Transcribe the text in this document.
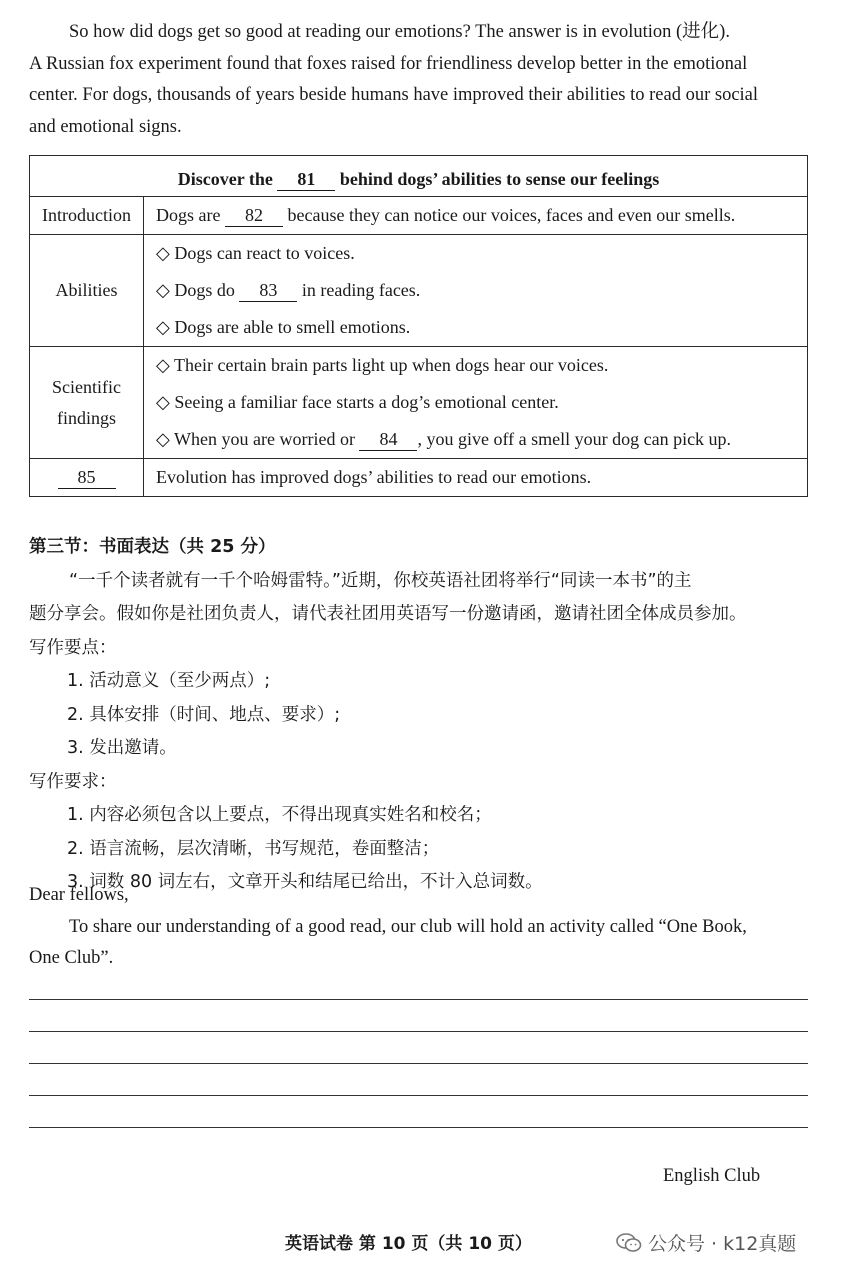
So how did dogs get so good at reading our emotions? The answer is in evolution (进化).

A Russian fox experiment found that foxes raised for friendliness develop better in the emotional

center. For dogs, thousands of years beside humans have improved their abilities to read our social

and emotional signs.

Discover the 81 behind dogs’ abilities to sense our feelings	
Introduction	Dogs are 82 because they can notice our voices, faces and even our smells.

Abilities	◇ Dogs can react to voices.
◇ Dogs do 83 in reading faces.
◇ Dogs are able to smell emotions.

Scientific
findings	◇ Their certain brain parts light up when dogs hear our voices.
◇ Seeing a familiar face starts a dog’s emotional center.
◇ When you are worried or 84 , you give off a smell your dog can pick up.

85	Evolution has improved dogs’ abilities to read our emotions.

第三节：书面表达（共 25 分）

“一千个读者就有一千个哈姆雷特。”近期，你校英语社团将举行“同读一本书”的主

题分享会。假如你是社团负责人，请代表社团用英语写一份邀请函，邀请社团全体成员参加。

写作要点：

1. 活动意义（至少两点）;

2. 具体安排（时间、地点、要求）;

3. 发出邀请。

写作要求：

1. 内容必须包含以上要点，不得出现真实姓名和校名；

2. 语言流畅，层次清晰，书写规范，卷面整洁；

3. 词数 80 词左右，文章开头和结尾已给出，不计入总词数。

Dear fellows,

To share our understanding of a good read, our club will hold an activity called “One Book,

One Club”.

English Club
英语试卷 第 10 页（共 10 页）	公众号 · k12真题
